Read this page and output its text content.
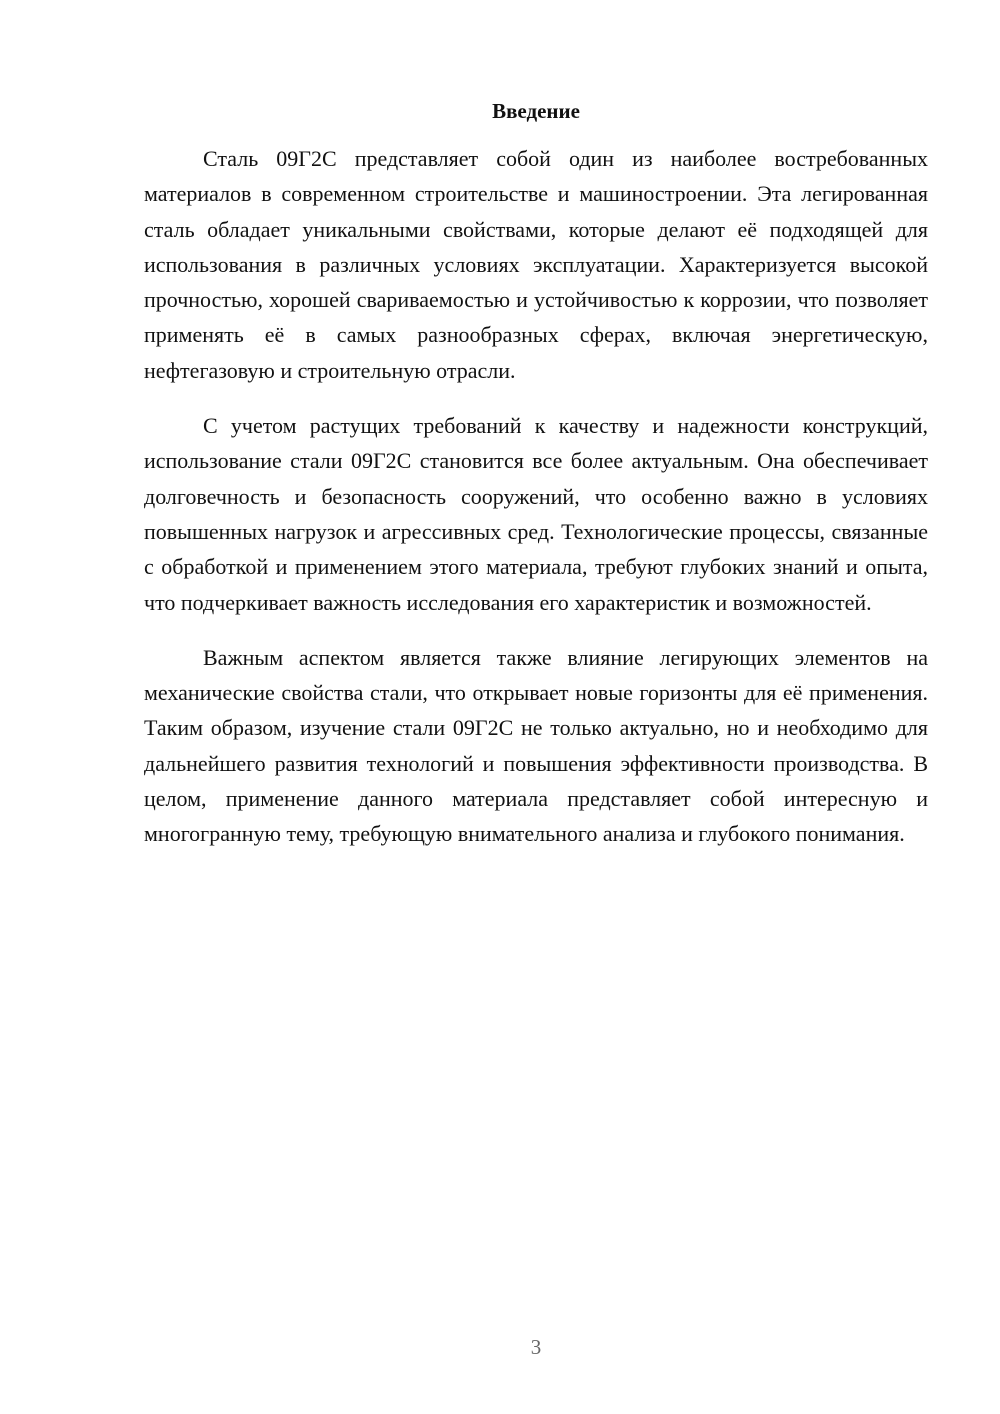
Введение

Сталь 09Г2С представляет собой один из наиболее востребованных материалов в современном строительстве и машиностроении. Эта легированная сталь обладает уникальными свойствами, которые делают её подходящей для использования в различных условиях эксплуатации. Характеризуется высокой прочностью, хорошей свариваемостью и устойчивостью к коррозии, что позволяет применять её в самых разнообразных сферах, включая энергетическую, нефтегазовую и строительную отрасли.

С учетом растущих требований к качеству и надежности конструкций, использование стали 09Г2С становится все более актуальным. Она обеспечивает долговечность и безопасность сооружений, что особенно важно в условиях повышенных нагрузок и агрессивных сред. Технологические процессы, связанные с обработкой и применением этого материала, требуют глубоких знаний и опыта, что подчеркивает важность исследования его характеристик и возможностей.

Важным аспектом является также влияние легирующих элементов на механические свойства стали, что открывает новые горизонты для её применения. Таким образом, изучение стали 09Г2С не только актуально, но и необходимо для дальнейшего развития технологий и повышения эффективности производства. В целом, применение данного материала представляет собой интересную и многогранную тему, требующую внимательного анализа и глубокого понимания.

3
